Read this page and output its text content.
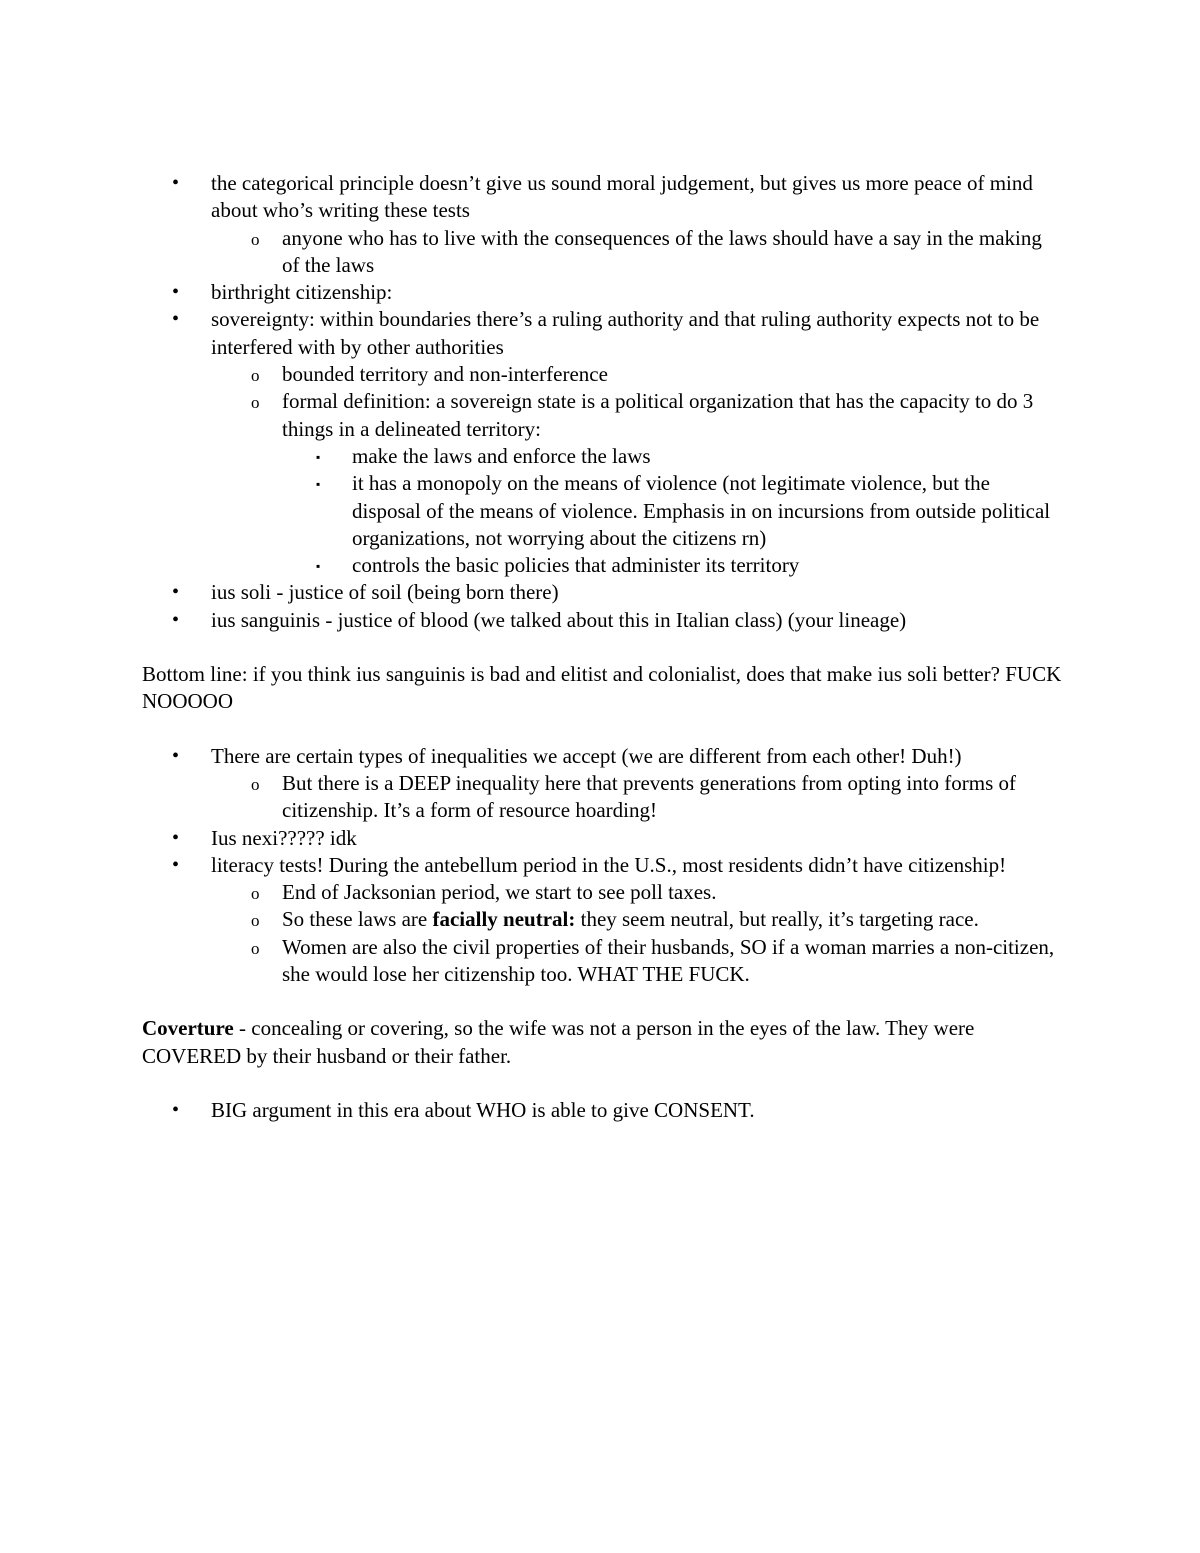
• the categorical principle doesn’t give us sound moral judgement, but gives us more peace of mind about who’s writing these tests
o anyone who has to live with the consequences of the laws should have a say in the making of the laws
• birthright citizenship:
• sovereignty: within boundaries there’s a ruling authority and that ruling authority expects not to be interfered with by other authorities
o bounded territory and non-interference
o formal definition: a sovereign state is a political organization that has the capacity to do 3 things in a delineated territory:
▪ make the laws and enforce the laws
▪ it has a monopoly on the means of violence (not legitimate violence, but the disposal of the means of violence. Emphasis in on incursions from outside political organizations, not worrying about the citizens rn)
▪ controls the basic policies that administer its territory
• ius soli - justice of soil (being born there)
• ius sanguinis - justice of blood (we talked about this in Italian class) (your lineage)

Bottom line: if you think ius sanguinis is bad and elitist and colonialist, does that make ius soli better? FUCK NOOOOO

• There are certain types of inequalities we accept (we are different from each other! Duh!)
o But there is a DEEP inequality here that prevents generations from opting into forms of citizenship. It’s a form of resource hoarding!
• Ius nexi????? idk
• literacy tests! During the antebellum period in the U.S., most residents didn’t have citizenship!
o End of Jacksonian period, we start to see poll taxes.
o So these laws are facially neutral: they seem neutral, but really, it’s targeting race.
o Women are also the civil properties of their husbands, SO if a woman marries a non-citizen, she would lose her citizenship too. WHAT THE FUCK.

Coverture - concealing or covering, so the wife was not a person in the eyes of the law. They were COVERED by their husband or their father.

• BIG argument in this era about WHO is able to give CONSENT.
